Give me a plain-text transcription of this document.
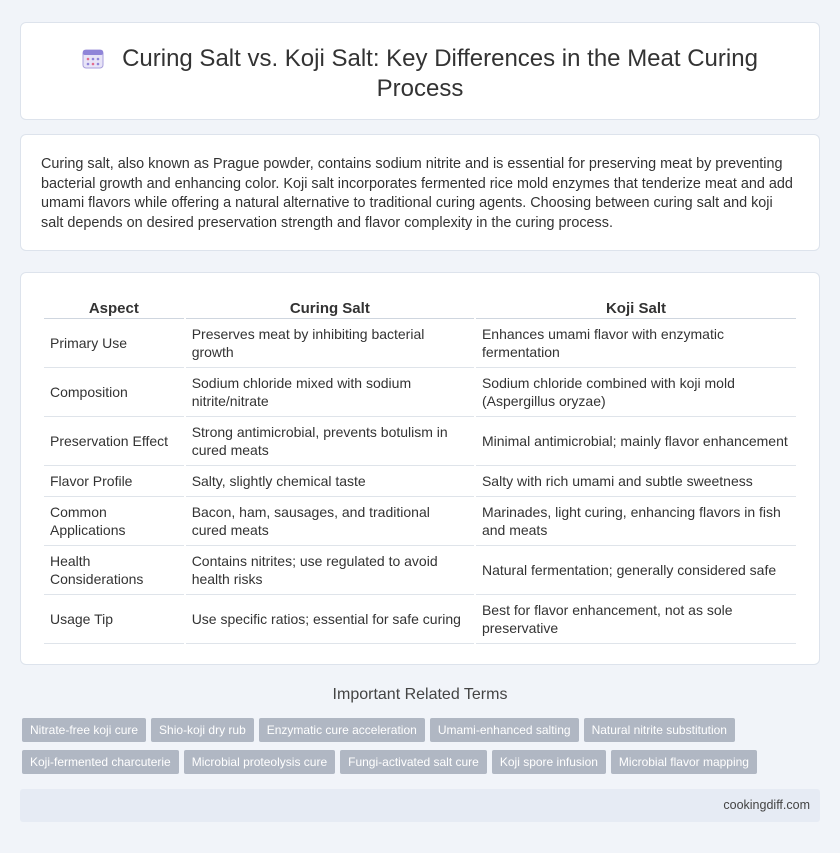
Curing Salt vs. Koji Salt: Key Differences in the Meat Curing Process

Curing salt, also known as Prague powder, contains sodium nitrite and is essential for preserving meat by preventing bacterial growth and enhancing color. Koji salt incorporates fermented rice mold enzymes that tenderize meat and add umami flavors while offering a natural alternative to traditional curing agents. Choosing between curing salt and koji salt depends on desired preservation strength and flavor complexity in the curing process.

Aspect	Curing Salt	Koji Salt
Primary Use	Preserves meat by inhibiting bacterial growth	Enhances umami flavor with enzymatic fermentation
Composition	Sodium chloride mixed with sodium nitrite/nitrate	Sodium chloride combined with koji mold (Aspergillus oryzae)
Preservation Effect	Strong antimicrobial, prevents botulism in cured meats	Minimal antimicrobial; mainly flavor enhancement
Flavor Profile	Salty, slightly chemical taste	Salty with rich umami and subtle sweetness
Common Applications	Bacon, ham, sausages, and traditional cured meats	Marinades, light curing, enhancing flavors in fish and meats
Health Considerations	Contains nitrites; use regulated to avoid health risks	Natural fermentation; generally considered safe
Usage Tip	Use specific ratios; essential for safe curing	Best for flavor enhancement, not as sole preservative
Important Related Terms
Nitrate-free koji cure Shio-koji dry rub Enzymatic cure acceleration Umami-enhanced salting Natural nitrite substitution
Koji-fermented charcuterie Microbial proteolysis cure Fungi-activated salt cure Koji spore infusion Microbial flavor mapping
cookingdiff.com
